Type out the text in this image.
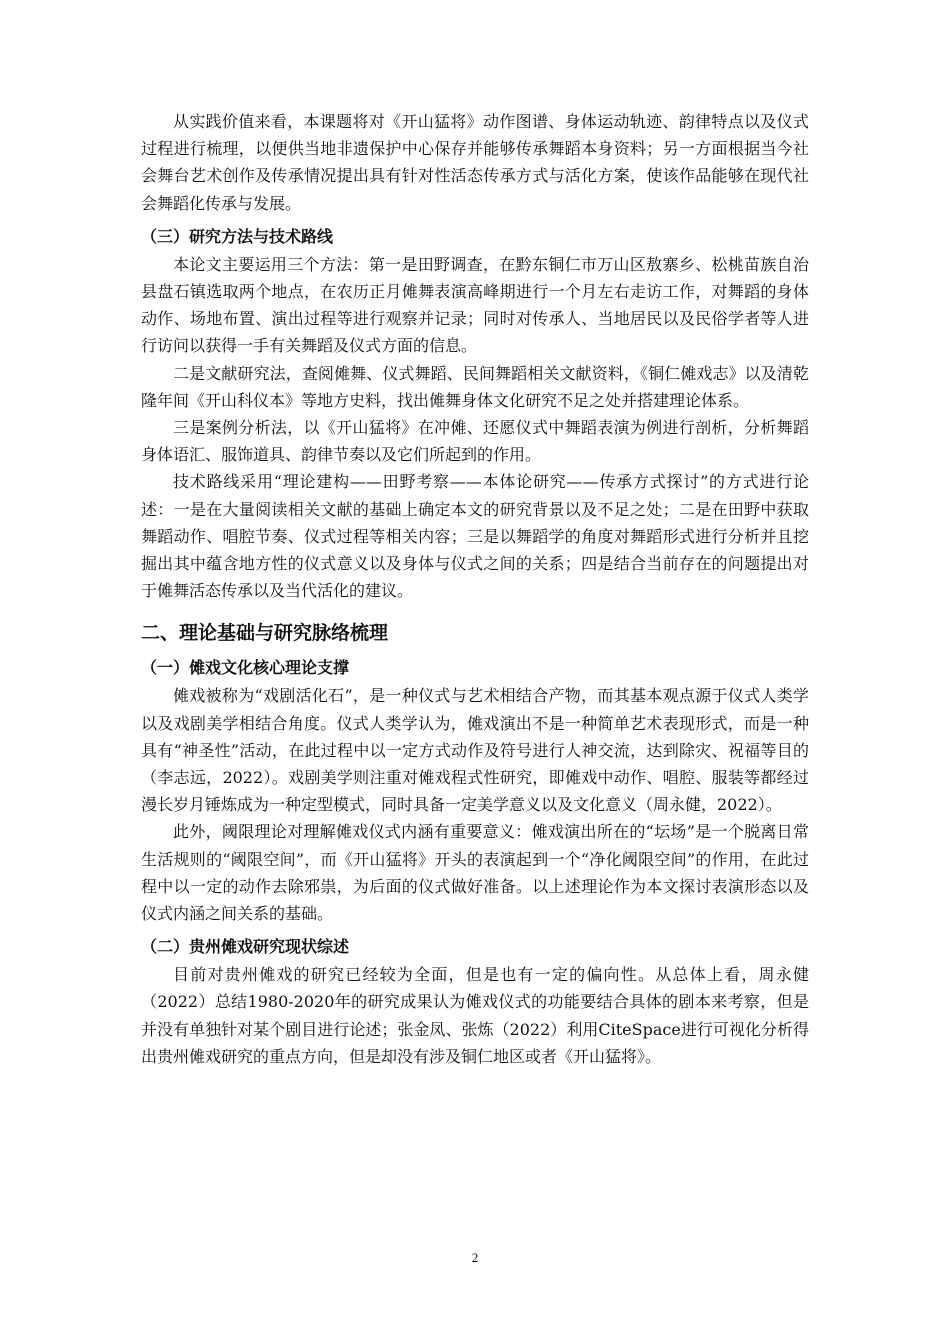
从实践价值来看，本课题将对《开山猛将》动作图谱、身体运动轨迹、韵律特点以及仪式过程进行梳理，以便供当地非遗保护中心保存并能够传承舞蹈本身资料；另一方面根据当今社会舞台艺术创作及传承情况提出具有针对性活态传承方式与活化方案，使该作品能够在现代社会舞蹈化传承与发展。

（三）研究方法与技术路线

本论文主要运用三个方法：第一是田野调查，在黔东铜仁市万山区敖寨乡、松桃苗族自治县盘石镇选取两个地点，在农历正月傩舞表演高峰期进行一个月左右走访工作，对舞蹈的身体动作、场地布置、演出过程等进行观察并记录；同时对传承人、当地居民以及民俗学者等人进行访问以获得一手有关舞蹈及仪式方面的信息。

二是文献研究法，查阅傩舞、仪式舞蹈、民间舞蹈相关文献资料，《铜仁傩戏志》以及清乾隆年间《开山科仪本》等地方史料，找出傩舞身体文化研究不足之处并搭建理论体系。

三是案例分析法，以《开山猛将》在冲傩、还愿仪式中舞蹈表演为例进行剖析，分析舞蹈身体语汇、服饰道具、韵律节奏以及它们所起到的作用。

技术路线采用“理论建构——田野考察——本体论研究——传承方式探讨”的方式进行论述：一是在大量阅读相关文献的基础上确定本文的研究背景以及不足之处；二是在田野中获取舞蹈动作、唱腔节奏、仪式过程等相关内容；三是以舞蹈学的角度对舞蹈形式进行分析并且挖掘出其中蕴含地方性的仪式意义以及身体与仪式之间的关系；四是结合当前存在的问题提出对于傩舞活态传承以及当代活化的建议。

二、理论基础与研究脉络梳理
（一）傩戏文化核心理论支撑

傩戏被称为“戏剧活化石”，是一种仪式与艺术相结合产物，而其基本观点源于仪式人类学以及戏剧美学相结合角度。仪式人类学认为，傩戏演出不是一种简单艺术表现形式，而是一种具有“神圣性”活动，在此过程中以一定方式动作及符号进行人神交流，达到除灾、祝福等目的（李志远，2022）。戏剧美学则注重对傩戏程式性研究，即傩戏中动作、唱腔、服装等都经过漫长岁月锤炼成为一种定型模式，同时具备一定美学意义以及文化意义（周永健，2022）。

此外，阈限理论对理解傩戏仪式内涵有重要意义：傩戏演出所在的“坛场”是一个脱离日常生活规则的“阈限空间”，而《开山猛将》开头的表演起到一个“净化阈限空间”的作用，在此过程中以一定的动作去除邪祟，为后面的仪式做好准备。以上述理论作为本文探讨表演形态以及仪式内涵之间关系的基础。

（二）贵州傩戏研究现状综述

目前对贵州傩戏的研究已经较为全面，但是也有一定的偏向性。从总体上看，周永健（2022）总结1980-2020年的研究成果认为傩戏仪式的功能要结合具体的剧本来考察，但是并没有单独针对某个剧目进行论述；张金凤、张炼（2022）利用CiteSpace进行可视化分析得出贵州傩戏研究的重点方向，但是却没有涉及铜仁地区或者《开山猛将》。

2
